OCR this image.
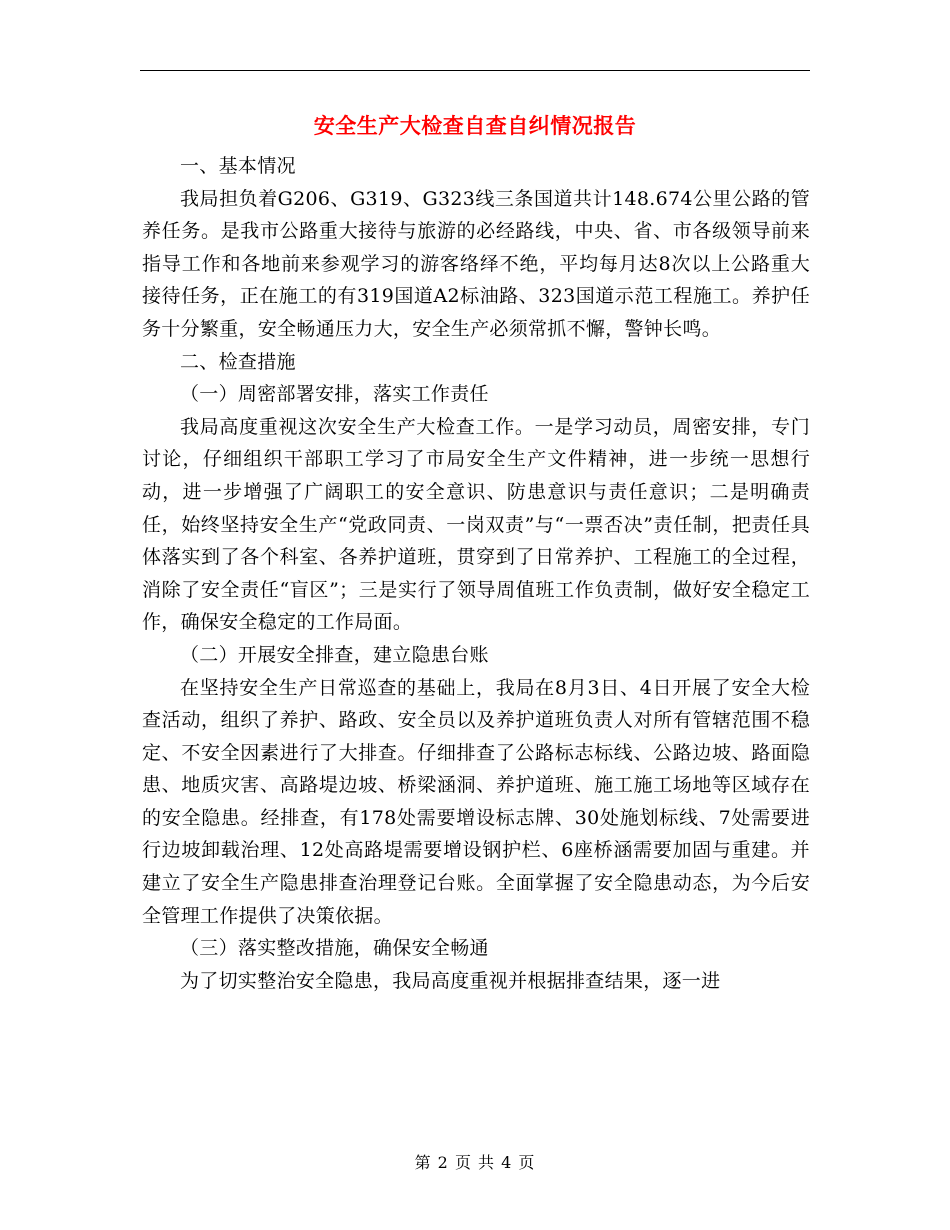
安全生产大检查自查自纠情况报告

一、基本情况

我局担负着G206、G319、G323线三条国道共计148.674公里公路的管养任务。是我市公路重大接待与旅游的必经路线，中央、省、市各级领导前来指导工作和各地前来参观学习的游客络绎不绝，平均每月达8次以上公路重大接待任务，正在施工的有319国道A2标油路、323国道示范工程施工。养护任务十分繁重，安全畅通压力大，安全生产必须常抓不懈，警钟长鸣。

二、检查措施

（一）周密部署安排，落实工作责任

我局高度重视这次安全生产大检查工作。一是学习动员，周密安排，专门讨论，仔细组织干部职工学习了市局安全生产文件精神，进一步统一思想行动，进一步增强了广阔职工的安全意识、防患意识与责任意识；二是明确责任，始终坚持安全生产“党政同责、一岗双责”与“一票否决”责任制，把责任具体落实到了各个科室、各养护道班，贯穿到了日常养护、工程施工的全过程，消除了安全责任“盲区”；三是实行了领导周值班工作负责制，做好安全稳定工作，确保安全稳定的工作局面。

（二）开展安全排查，建立隐患台账

在坚持安全生产日常巡查的基础上，我局在8月3日、4日开展了安全大检查活动，组织了养护、路政、安全员以及养护道班负责人对所有管辖范围不稳定、不安全因素进行了大排查。仔细排查了公路标志标线、公路边坡、路面隐患、地质灾害、高路堤边坡、桥梁涵洞、养护道班、施工施工场地等区域存在的安全隐患。经排查，有178处需要增设标志牌、30处施划标线、7处需要进行边坡卸载治理、12处高路堤需要增设钢护栏、6座桥涵需要加固与重建。并建立了安全生产隐患排查治理登记台账。全面掌握了安全隐患动态，为今后安全管理工作提供了决策依据。

（三）落实整改措施，确保安全畅通

为了切实整治安全隐患，我局高度重视并根据排查结果，逐一进

第 2 页 共 4 页
